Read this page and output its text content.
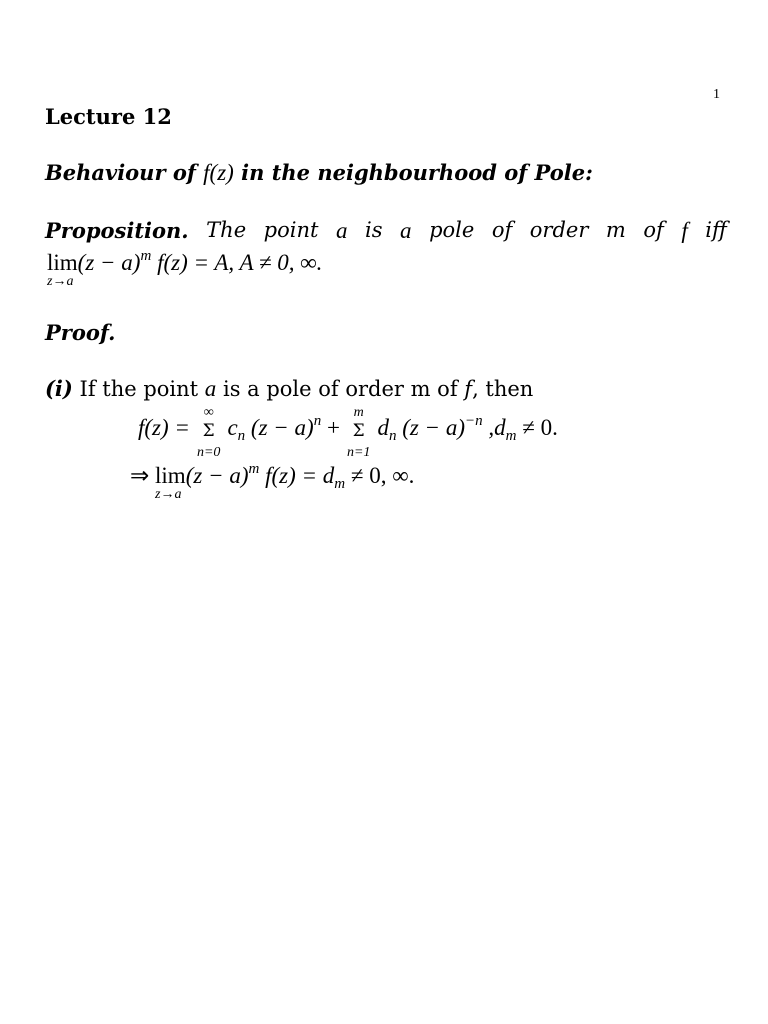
1
Lecture 12
Behaviour of f(z) in the neighbourhood of Pole:
Proposition. The point a is a pole of order m of f iff
lim
z→a
(z − a)m f(z) = A, A ≠ 0, ∞.
Proof.
(i) If the point a is a pole of order m of f, then
f(z) =
∞
Σ
n=0
cn (z − a)n +
m
Σ
n=1
dn (z − a)−n ,dm ≠ 0.
⇒ lim
z→a
(z − a)m f(z) = dm ≠ 0, ∞.
